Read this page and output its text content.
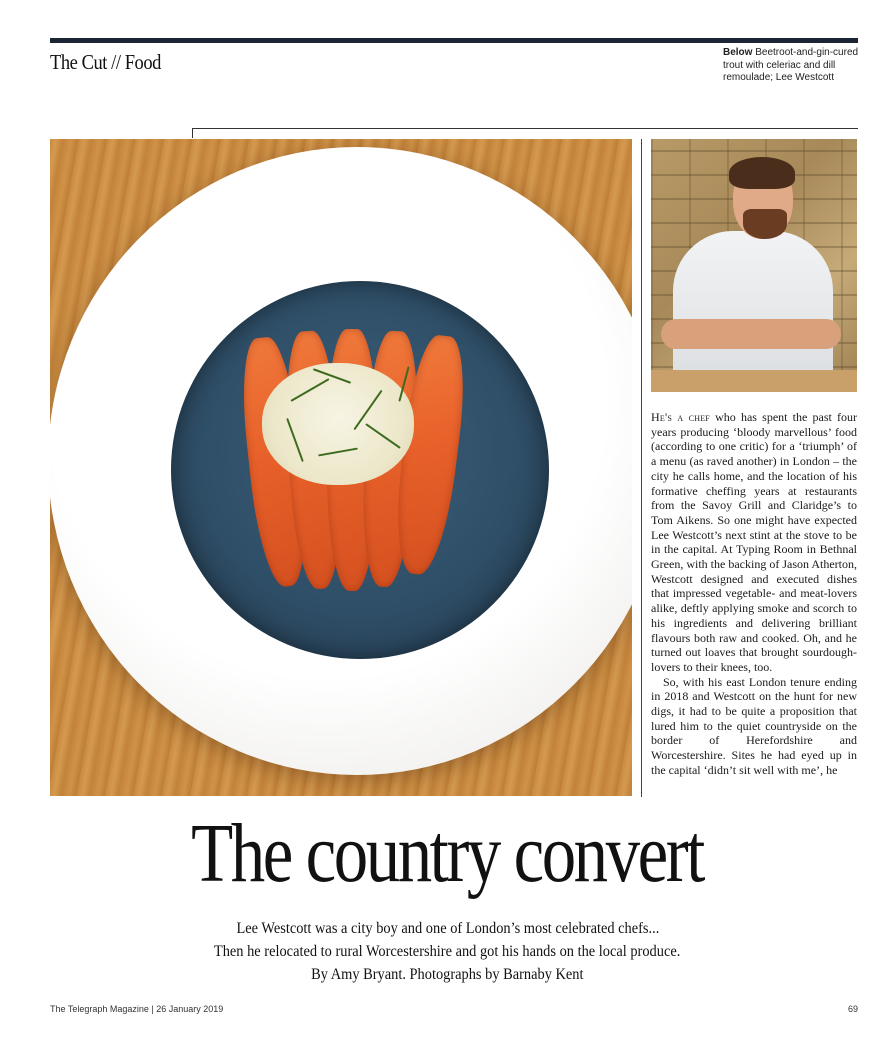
The Cut // Food	Below Beetroot-and-gin-cured trout with celeriac and dill remoulade; Lee Westcott

He's a chef who has spent the past four years producing ‘bloody marvellous’ food (according to one critic) for a ‘triumph’ of a menu (as raved another) in London – the city he calls home, and the location of his formative cheffing years at restaurants from the Savoy Grill and Claridge’s to Tom Aikens. So one might have expected Lee Westcott’s next stint at the stove to be in the capital. At Typing Room in Bethnal Green, with the backing of Jason Atherton, Westcott designed and executed dishes that impressed vegetable- and meat-lovers alike, deftly applying smoke and scorch to his ingredients and delivering brilliant flavours both raw and cooked. Oh, and he turned out loaves that brought sourdough-lovers to their knees, too.

So, with his east London tenure ending in 2018 and Westcott on the hunt for new digs, it had to be quite a proposition that lured him to the quiet countryside on the border of Herefordshire and Worcestershire. Sites he had eyed up in the capital ‘didn’t sit well with me’, he

The country convert
Lee Westcott was a city boy and one of London’s most celebrated chefs...
Then he relocated to rural Worcestershire and got his hands on the local produce.
By Amy Bryant. Photographs by Barnaby Kent
The Telegraph Magazine | 26 January 2019	69
